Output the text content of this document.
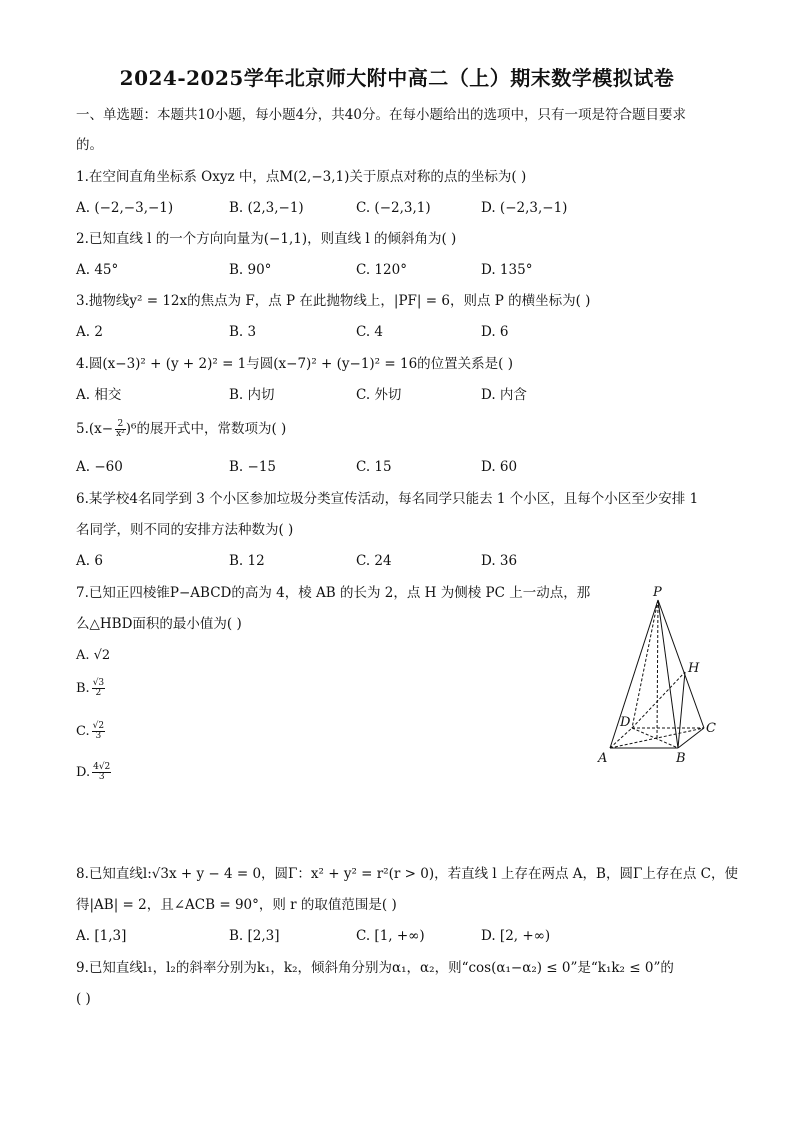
2024-2025学年北京师大附中高二（上）期末数学模拟试卷
一、单选题：本题共10小题，每小题4分，共40分。在每小题给出的选项中，只有一项是符合题目要求
的。
1.在空间直角坐标系 Oxyz 中，点M(2,−3,1)关于原点对称的点的坐标为( )
A. (−2,−3,−1)	B. (2,3,−1)	C. (−2,3,1)	D. (−2,3,−1)
2.已知直线 l 的一个方向向量为(−1,1)，则直线 l 的倾斜角为( )
A. 45°	B. 90°	C. 120°	D. 135°
3.抛物线y² = 12x的焦点为 F，点 P 在此抛物线上，|PF| = 6，则点 P 的横坐标为( )
A. 2	B. 3	C. 4	D. 6
4.圆(x−3)² + (y + 2)² = 1与圆(x−7)² + (y−1)² = 16的位置关系是( )
A. 相交	B. 内切	C. 外切	D. 内含
$5.(x- \frac{2}{\text{x²}} )^6$的展开式中，常数项为( )
A. −60	B. −15	C. 15	D. 60
6.某学校4名同学到 3 个小区参加垃圾分类宣传活动，每名同学只能去 1 个小区，且每个小区至少安排 1
名同学，则不同的安排方法种数为( )
A. 6	B. 12	C. 24	D. 36
7.已知正四棱锥P−ABCD的高为 4，棱 AB 的长为 2，点 H 为侧棱 PC 上一动点，那
么△HBD面积的最小值为( )
A. √2
B. $\frac{√3}{2}$
C. $\frac{√2}{3}$
D. $\frac{4√2}{3}$
P
H
D	C
A	B
8.已知直线l:√3x + y − 4 = 0，圆Γ：x² + y² = r²(r > 0)，若直线 l 上存在两点 A，B，圆Γ上存在点 C，使
得|AB| = 2，且∠ACB = 90°，则 r 的取值范围是( )
A. [1,3]	B. [2,3]	C. [1, +∞)	D. [2, +∞)
9.已知直线l₁，l₂的斜率分别为k₁，k₂，倾斜角分别为α₁，α₂，则“cos(α₁−α₂) ≤ 0”是“k₁k₂ ≤ 0”的
( )
